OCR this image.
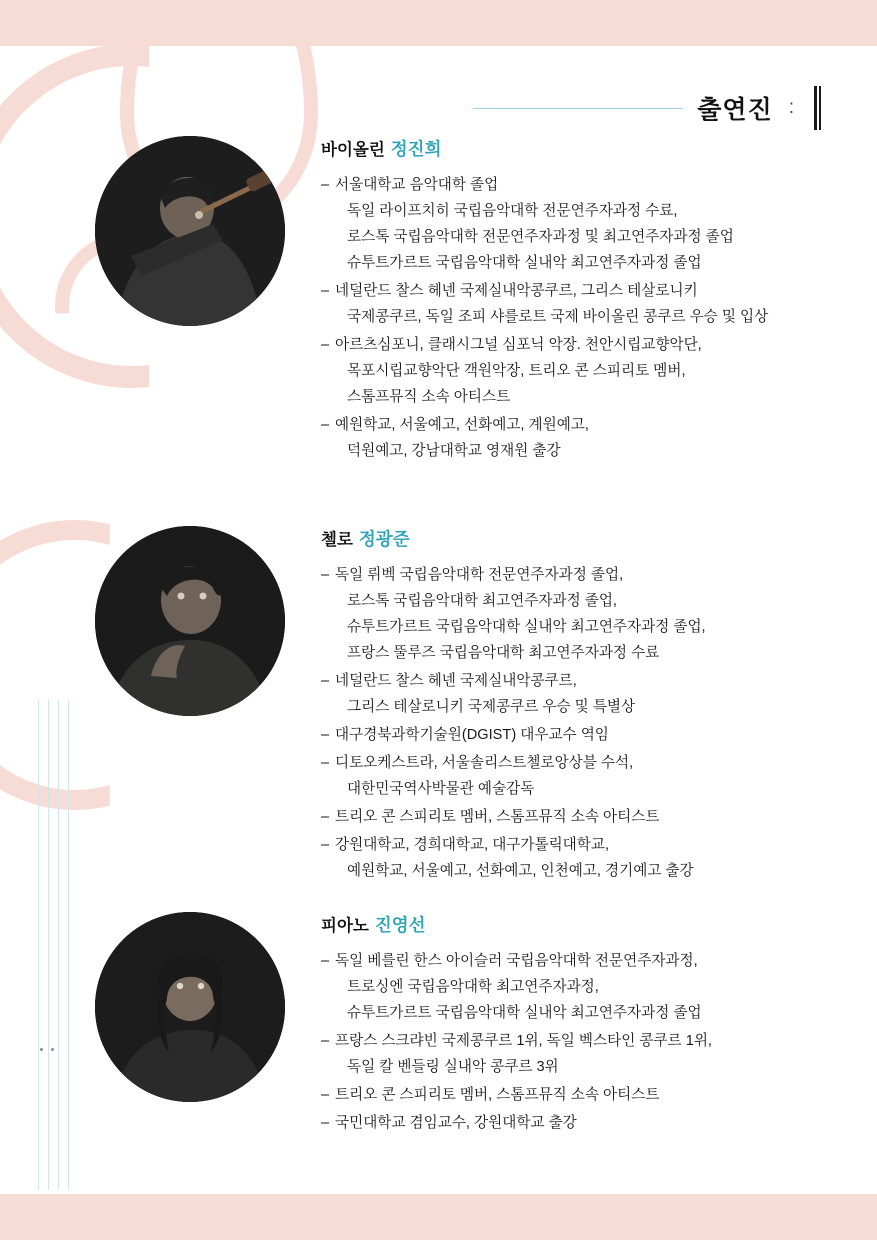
출연진 :
바이올린 정진희
– 서울대학교 음악대학 졸업
독일 라이프치히 국립음악대학 전문연주자과정 수료,
로스톡 국립음악대학 전문연주자과정 및 최고연주자과정 졸업
슈투트가르트 국립음악대학 실내악 최고연주자과정 졸업
– 네덜란드 찰스 헤넨 국제실내악콩쿠르, 그리스 테살로니키
국제콩쿠르, 독일 조피 샤를로트 국제 바이올린 콩쿠르 우승 및 입상
– 아르츠심포니, 클래시그널 심포닉 악장. 천안시립교향악단,
목포시립교향악단 객원악장, 트리오 콘 스피리토 멤버,
스톰프뮤직 소속 아티스트
– 예원학교, 서울예고, 선화예고, 계원예고,
덕원예고, 강남대학교 영재원 출강
첼로 정광준
– 독일 뤼벡 국립음악대학 전문연주자과정 졸업,
로스톡 국립음악대학 최고연주자과정 졸업,
슈투트가르트 국립음악대학 실내악 최고연주자과정 졸업,
프랑스 뚤루즈 국립음악대학 최고연주자과정 수료
– 네덜란드 찰스 헤넨 국제실내악콩쿠르,
그리스 테살로니키 국제콩쿠르 우승 및 특별상
– 대구경북과학기술원(DGIST) 대우교수 역임
– 디토오케스트라, 서울솔리스트첼로앙상블 수석,
대한민국역사박물관 예술감독
– 트리오 콘 스피리토 멤버, 스톰프뮤직 소속 아티스트
– 강원대학교, 경희대학교, 대구가톨릭대학교,
예원학교, 서울예고, 선화예고, 인천예고, 경기예고 출강
피아노 진영선
– 독일 베를린 한스 아이슬러 국립음악대학 전문연주자과정,
트로싱엔 국립음악대학 최고연주자과정,
슈투트가르트 국립음악대학 실내악 최고연주자과정 졸업
– 프랑스 스크랴빈 국제콩쿠르 1위, 독일 벡스타인 콩쿠르 1위,
독일 칼 벤들링 실내악 콩쿠르 3위
– 트리오 콘 스피리토 멤버, 스톰프뮤직 소속 아티스트
– 국민대학교 겸임교수, 강원대학교 출강
